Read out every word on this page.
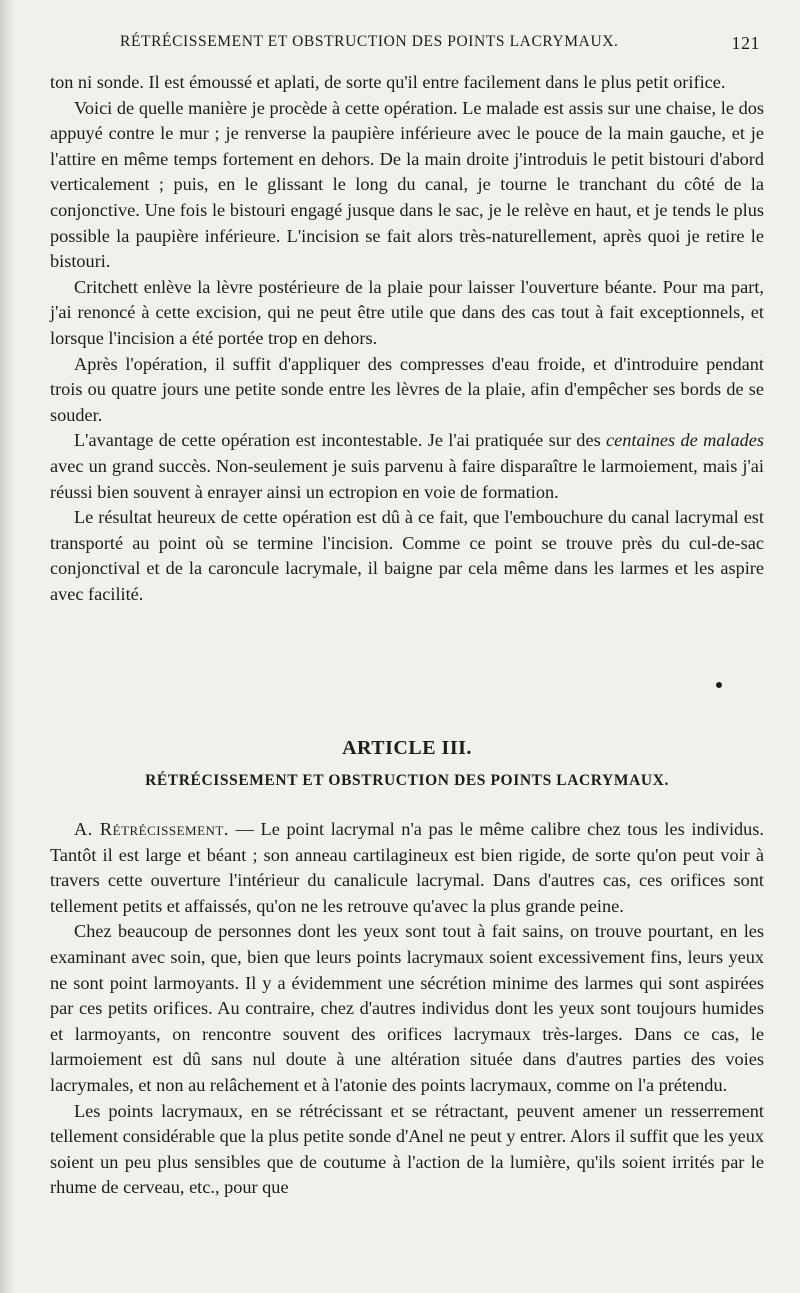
RÉTRÉCISSEMENT ET OBSTRUCTION DES POINTS LACRYMAUX.	121

ton ni sonde. Il est émoussé et aplati, de sorte qu'il entre facilement dans le plus petit orifice.

Voici de quelle manière je procède à cette opération. Le malade est assis sur une chaise, le dos appuyé contre le mur ; je renverse la paupière inférieure avec le pouce de la main gauche, et je l'attire en même temps fortement en dehors. De la main droite j'introduis le petit bistouri d'abord verticalement ; puis, en le glissant le long du canal, je tourne le tranchant du côté de la conjonctive. Une fois le bistouri engagé jusque dans le sac, je le relève en haut, et je tends le plus possible la paupière inférieure. L'incision se fait alors très-naturellement, après quoi je retire le bistouri.

Critchett enlève la lèvre postérieure de la plaie pour laisser l'ouverture béante. Pour ma part, j'ai renoncé à cette excision, qui ne peut être utile que dans des cas tout à fait exceptionnels, et lorsque l'incision a été portée trop en dehors.

Après l'opération, il suffit d'appliquer des compresses d'eau froide, et d'introduire pendant trois ou quatre jours une petite sonde entre les lèvres de la plaie, afin d'empêcher ses bords de se souder.

L'avantage de cette opération est incontestable. Je l'ai pratiquée sur des centaines de malades avec un grand succès. Non-seulement je suis parvenu à faire disparaître le larmoiement, mais j'ai réussi bien souvent à enrayer ainsi un ectropion en voie de formation.

Le résultat heureux de cette opération est dû à ce fait, que l'embouchure du canal lacrymal est transporté au point où se termine l'incision. Comme ce point se trouve près du cul-de-sac conjonctival et de la caroncule lacrymale, il baigne par cela même dans les larmes et les aspire avec facilité.

ARTICLE III.
RÉTRÉCISSEMENT ET OBSTRUCTION DES POINTS LACRYMAUX.

A. Rétrécissement. — Le point lacrymal n'a pas le même calibre chez tous les individus. Tantôt il est large et béant ; son anneau cartilagineux est bien rigide, de sorte qu'on peut voir à travers cette ouverture l'intérieur du canalicule lacrymal. Dans d'autres cas, ces orifices sont tellement petits et affaissés, qu'on ne les retrouve qu'avec la plus grande peine.

Chez beaucoup de personnes dont les yeux sont tout à fait sains, on trouve pourtant, en les examinant avec soin, que, bien que leurs points lacrymaux soient excessivement fins, leurs yeux ne sont point larmoyants. Il y a évidemment une sécrétion minime des larmes qui sont aspirées par ces petits orifices. Au contraire, chez d'autres individus dont les yeux sont toujours humides et larmoyants, on rencontre souvent des orifices lacrymaux très-larges. Dans ce cas, le larmoiement est dû sans nul doute à une altération située dans d'autres parties des voies lacrymales, et non au relâchement et à l'atonie des points lacrymaux, comme on l'a prétendu.

Les points lacrymaux, en se rétrécissant et se rétractant, peuvent amener un resserrement tellement considérable que la plus petite sonde d'Anel ne peut y entrer. Alors il suffit que les yeux soient un peu plus sensibles que de coutume à l'action de la lumière, qu'ils soient irrités par le rhume de cerveau, etc., pour que
